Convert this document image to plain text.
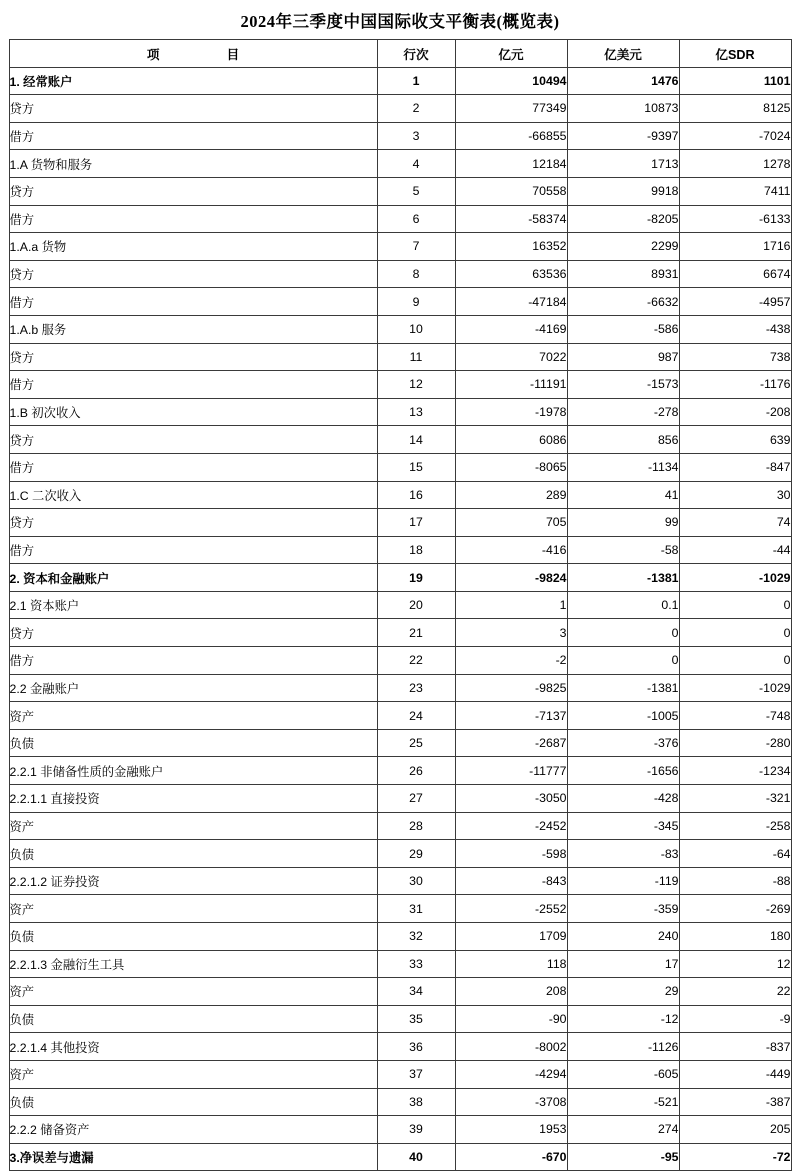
2024年三季度中国国际收支平衡表(概览表)
项　　目	行次	亿元	亿美元	亿SDR
1. 经常账户	1	10494	1476	1101
贷方	2	77349	10873	8125
借方	3	-66855	-9397	-7024
1.A 货物和服务	4	12184	1713	1278
贷方	5	70558	9918	7411
借方	6	-58374	-8205	-6133
1.A.a 货物	7	16352	2299	1716
贷方	8	63536	8931	6674
借方	9	-47184	-6632	-4957
1.A.b 服务	10	-4169	-586	-438
贷方	11	7022	987	738
借方	12	-11191	-1573	-1176
1.B 初次收入	13	-1978	-278	-208
贷方	14	6086	856	639
借方	15	-8065	-1134	-847
1.C 二次收入	16	289	41	30
贷方	17	705	99	74
借方	18	-416	-58	-44
2. 资本和金融账户	19	-9824	-1381	-1029
2.1 资本账户	20	1	0.1	0
贷方	21	3	0	0
借方	22	-2	0	0
2.2 金融账户	23	-9825	-1381	-1029
资产	24	-7137	-1005	-748
负债	25	-2687	-376	-280
2.2.1 非储备性质的金融账户	26	-11777	-1656	-1234
2.2.1.1 直接投资	27	-3050	-428	-321
资产	28	-2452	-345	-258
负债	29	-598	-83	-64
2.2.1.2 证券投资	30	-843	-119	-88
资产	31	-2552	-359	-269
负债	32	1709	240	180
2.2.1.3 金融衍生工具	33	118	17	12
资产	34	208	29	22
负债	35	-90	-12	-9
2.2.1.4 其他投资	36	-8002	-1126	-837
资产	37	-4294	-605	-449
负债	38	-3708	-521	-387
2.2.2 储备资产	39	1953	274	205
3.净误差与遗漏	40	-670	-95	-72
